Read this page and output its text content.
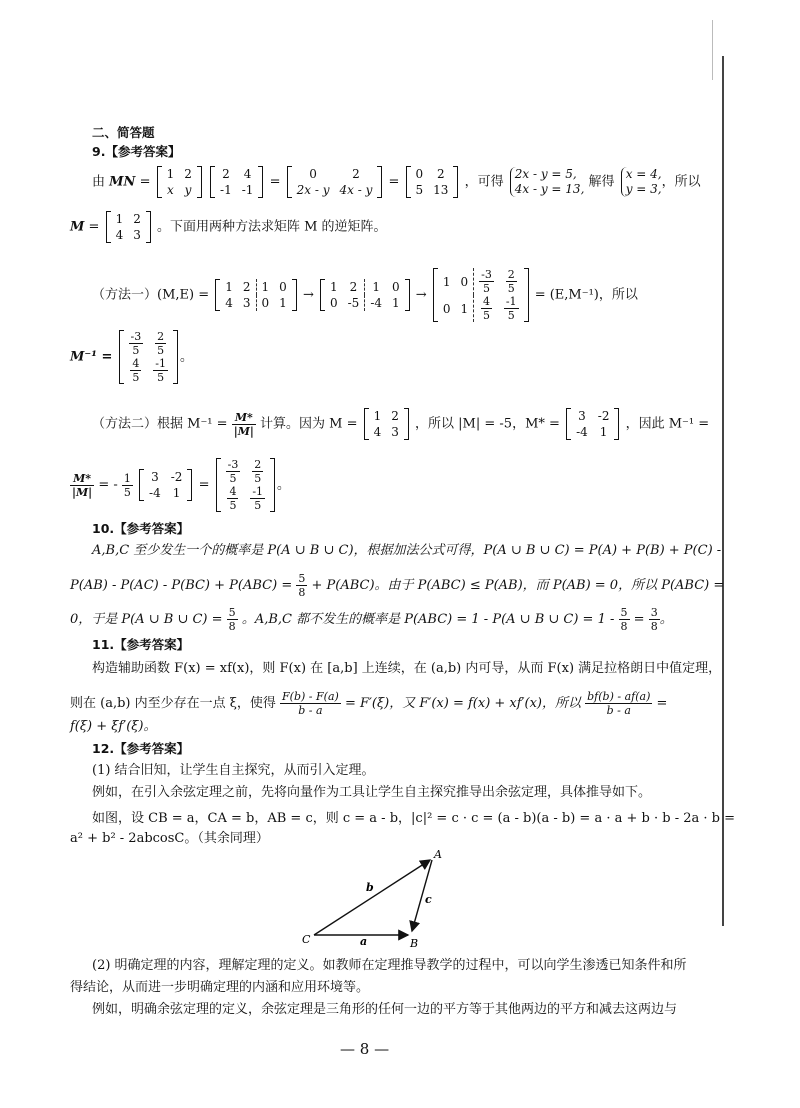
二、简答题
9.【参考答案】
由 MN =
1	2
x	y

2	4
-1	-1
=
0	2
2x - y	4x - y
=
0	2
5	13
，可得 2x - y = 5,
4x - y = 13, 解得 x = 4,
y = 3,，所以
M =
1	2
4	3
。下面用两种方法求矩阵 M 的逆矩阵。
（方法一）(M,E) =
1	2	1	0
4	3	0	1
→
1	2	1	0
0	-5	-4	1
→
1	0	$\frac{-3}{5}$	$\frac{2}{5}$

0	1	$\frac{4}{5}$	$\frac{-1}{5} = (E,M^{-1})$，所以
$M^{-1} = \frac{-3}{5}$	$\frac{2}{5}$

$\frac{4}{5}$	$\frac{-1}{5}$ 。
（方法二）根据 $M^{-1} = \frac{M*}{|M|}$ 计算。因为 M =
1	2
4	3
，所以 |M| = -5，M* =
3	-2
-4	1
，因此 M⁻¹ =
$\frac{M*}{|M|}$ = - $\frac{1}{5}$
3	-2
-4	1
= $\frac{-3}{5}$	$\frac{2}{5}$

$\frac{4}{5}$	$\frac{-1}{5}$ 。
10.【参考答案】
A,B,C 至少发生一个的概率是 P(A ∪ B ∪ C)，根据加法公式可得，P(A ∪ B ∪ C) = P(A) + P(B) + P(C) -
$P(AB) - P(AC) - P(BC) + P(ABC) = \frac{5}{8} + P(ABC)$。由于 P(ABC) ≤ P(AB)，而 P(AB) = 0，所以 P(ABC) =
0，于是 P(A ∪ B ∪ $C) = \frac{5}{8}$ 。A,B,C 都不发生的概率是 P(ABC) = 1 - P(A ∪ B ∪ $C) = 1 - \frac{5}{8} = \frac{3}{8}$ 。
11.【参考答案】
构造辅助函数 F(x) = xf(x)，则 F(x) 在 [a,b] 上连续，在 (a,b) 内可导，从而 F(x) 满足拉格朗日中值定理，
则在 (a,b) 内至少存在一点 ξ，使得 $\frac{F(b) - F(a)}{b - a} = F'(\xi)$，又 F′(x) = f(x) + xf′(x)，所以 $\frac{bf(b) - af(a)}{b - a}$ =
f(ξ) + ξf′(ξ)。
12.【参考答案】
(1) 结合旧知，让学生自主探究，从而引入定理。
例如，在引入余弦定理之前，先将向量作为工具让学生自主探究推导出余弦定理，具体推导如下。
如图，设 CB = a，CA = b，AB = c，则 c = a - b，|c|² = c · c = (a - b)(a - b) = a · a + b · b - 2a · b =
a² + b² - 2abcosC。（其余同理）
A
B
C	a
b
c
(2) 明确定理的内容，理解定理的定义。如教师在定理推导教学的过程中，可以向学生渗透已知条件和所
得结论，从而进一步明确定理的内涵和应用环境等。
例如，明确余弦定理的定义，余弦定理是三角形的任何一边的平方等于其他两边的平方和减去这两边与
— 8 —
